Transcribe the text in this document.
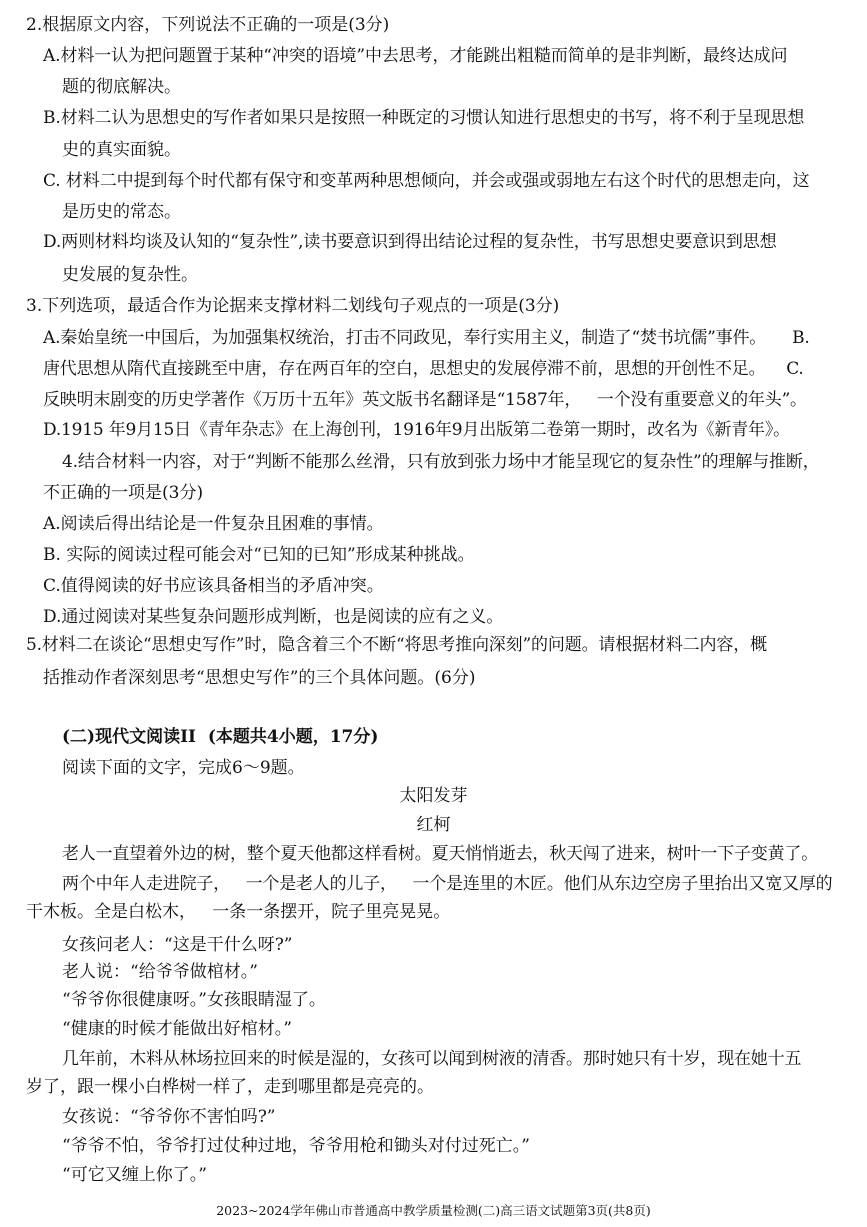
2.根据原文内容，下列说法不正确的一项是(3分)
A.材料一认为把问题置于某种“冲突的语境”中去思考，才能跳出粗糙而简单的是非判断，最终达成问
题的彻底解决。
B.材料二认为思想史的写作者如果只是按照一种既定的习惯认知进行思想史的书写，将不利于呈现思想
史的真实面貌。
C. 材料二中提到每个时代都有保守和变革两种思想倾向，并会或强或弱地左右这个时代的思想走向，这
是历史的常态。
D.两则材料均谈及认知的“复杂性”,读书要意识到得出结论过程的复杂性，书写思想史要意识到思想
史发展的复杂性。
3.下列选项，最适合作为论据来支撑材料二划线句子观点的一项是(3分)
A.秦始皇统一中国后，为加强集权统治，打击不同政见，奉行实用主义，制造了“焚书坑儒”事件。     B.
唐代思想从隋代直接跳至中唐，存在两百年的空白，思想史的发展停滞不前，思想的开创性不足。    C.
反映明末剧变的历史学著作《万历十五年》英文版书名翻译是“1587年，   一个没有重要意义的年头”。
D.1915 年9月15日《青年杂志》在上海创刊，1916年9月出版第二卷第一期时，改名为《新青年》。
4.结合材料一内容，对于“判断不能那么丝滑，只有放到张力场中才能呈现它的复杂性”的理解与推断，
不正确的一项是(3分)
A.阅读后得出结论是一件复杂且困难的事情。
B. 实际的阅读过程可能会对“已知的已知”形成某种挑战。
C.值得阅读的好书应该具备相当的矛盾冲突。
D.通过阅读对某些复杂问题形成判断，也是阅读的应有之义。
5.材料二在谈论“思想史写作”时，隐含着三个不断“将思考推向深刻”的问题。请根据材料二内容，概
括推动作者深刻思考“思想史写作”的三个具体问题。(6分)
(二)现代文阅读II  (本题共4小题，17分)
阅读下面的文字，完成6～9题。
太阳发芽
红柯
老人一直望着外边的树，整个夏天他都这样看树。夏天悄悄逝去，秋天闯了进来，树叶一下子变黄了。
两个中年人走进院子，   一个是老人的儿子，   一个是连里的木匠。他们从东边空房子里抬出又宽又厚的
干木板。全是白松木，   一条一条摆开，院子里亮晃晃。
女孩问老人：“这是干什么呀?”
老人说：“给爷爷做棺材。”
“爷爷你很健康呀。”女孩眼睛湿了。
“健康的时候才能做出好棺材。”
几年前，木料从林场拉回来的时候是湿的，女孩可以闻到树液的清香。那时她只有十岁，现在她十五
岁了，跟一棵小白桦树一样了，走到哪里都是亮亮的。
女孩说：“爷爷你不害怕吗?”
“爷爷不怕，爷爷打过仗种过地，爷爷用枪和锄头对付过死亡。”
“可它又缠上你了。”
2023~2024学年佛山市普通高中教学质量检测(二)高三语文试题第3页(共8页)
